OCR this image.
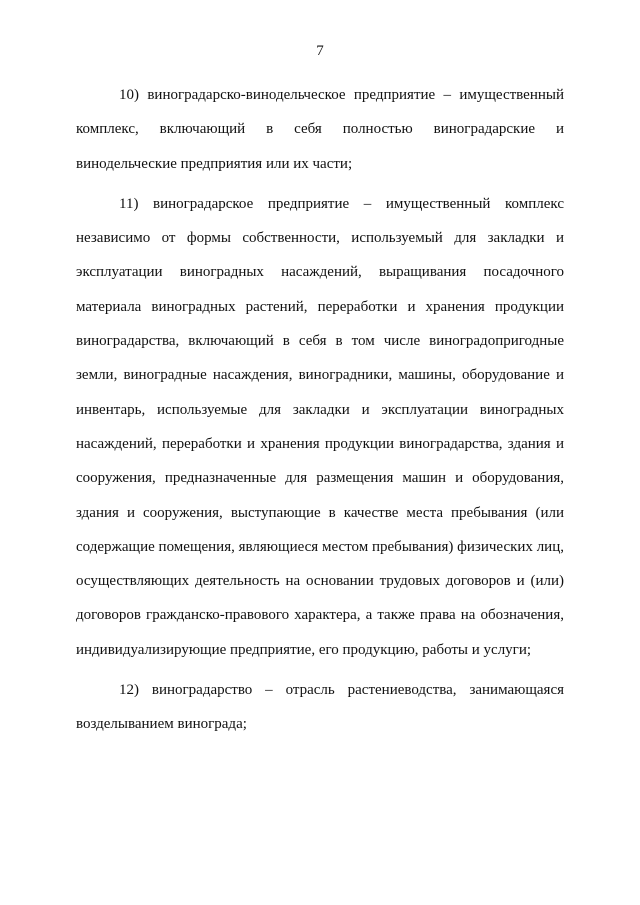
7

10) виноградарско-винодельческое предприятие – имущественный комплекс, включающий в себя полностью виноградарские и винодельческие предприятия или их части;

11) виноградарское предприятие – имущественный комплекс независимо от формы собственности, используемый для закладки и эксплуатации виноградных насаждений, выращивания посадочного материала виноградных растений, переработки и хранения продукции виноградарства, включающий в себя в том числе виноградопригодные земли, виноградные насаждения, виноградники, машины, оборудование и инвентарь, используемые для закладки и эксплуатации виноградных насаждений, переработки и хранения продукции виноградарства, здания и сооружения, предназначенные для размещения машин и оборудования, здания и сооружения, выступающие в качестве места пребывания (или содержащие помещения, являющиеся местом пребывания) физических лиц, осуществляющих деятельность на основании трудовых договоров и (или) договоров гражданско-правового характера, а также права на обозначения, индивидуализирующие предприятие, его продукцию, работы и услуги;

12) виноградарство – отрасль растениеводства, занимающаяся возделыванием винограда;
